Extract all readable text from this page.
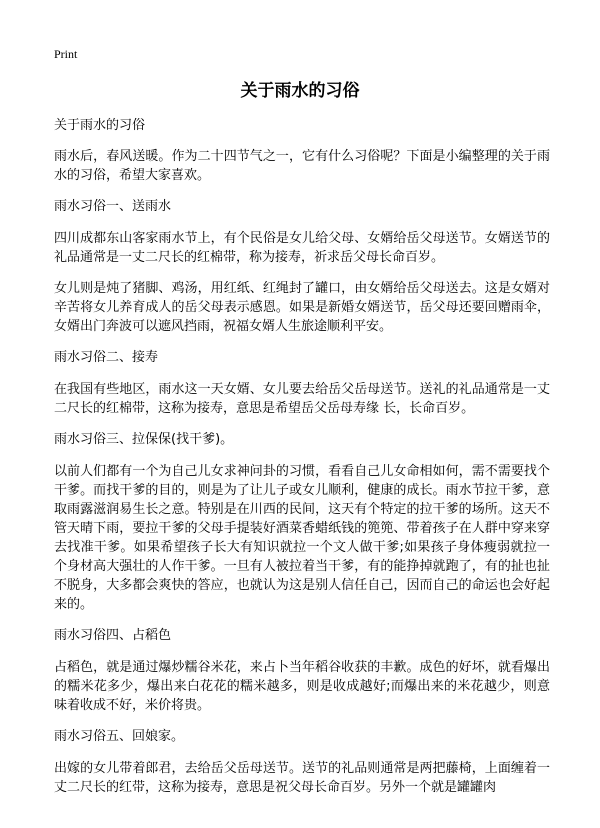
Print
关于雨水的习俗

关于雨水的习俗

雨水后，春风送暖。作为二十四节气之一，它有什么习俗呢？下面是小编整理的关于雨水的习俗，希望大家喜欢。

雨水习俗一、送雨水

四川成都东山客家雨水节上，有个民俗是女儿给父母、女婿给岳父母送节。女婿送节的礼品通常是一丈二尺长的红棉带，称为接寿，祈求岳父母长命百岁。

女儿则是炖了猪脚、鸡汤，用红纸、红绳封了罐口，由女婿给岳父母送去。这是女婿对辛苦将女儿养育成人的岳父母表示感恩。如果是新婚女婿送节，岳父母还要回赠雨伞，女婿出门奔波可以遮风挡雨，祝福女婿人生旅途顺利平安。

雨水习俗二、接寿

在我国有些地区，雨水这一天女婿、女儿要去给岳父岳母送节。送礼的礼品通常是一丈二尺长的红棉带，这称为接寿，意思是希望岳父岳母寿缘 长，长命百岁。

雨水习俗三、拉保保(找干爹)。

以前人们都有一个为自己儿女求神问卦的习惯，看看自己儿女命相如何，需不需要找个干爹。而找干爹的目的，则是为了让儿子或女儿顺利，健康的成长。雨水节拉干爹，意取雨露滋润易生长之意。特别是在川西的民间，这天有个特定的拉干爹的场所。这天不管天晴下雨，要拉干爹的父母手提装好酒菜香蜡纸钱的篼篼、带着孩子在人群中穿来穿去找准干爹。如果希望孩子长大有知识就拉一个文人做干爹;如果孩子身体瘦弱就拉一个身材高大强壮的人作干爹。一旦有人被拉着当干爹，有的能挣掉就跑了，有的扯也扯不脱身，大多都会爽快的答应，也就认为这是别人信任自己，因而自己的命运也会好起来的。

雨水习俗四、占稻色

占稻色，就是通过爆炒糯谷米花，来占卜当年稻谷收获的丰歉。成色的好坏，就看爆出的糯米花多少，爆出来白花花的糯米越多，则是收成越好;而爆出来的米花越少，则意味着收成不好，米价将贵。

雨水习俗五、回娘家。

出嫁的女儿带着郎君，去给岳父岳母送节。送节的礼品则通常是两把藤椅，上面缠着一丈二尺长的红带，这称为接寿，意思是祝父母长命百岁。另外一个就是罐罐肉
